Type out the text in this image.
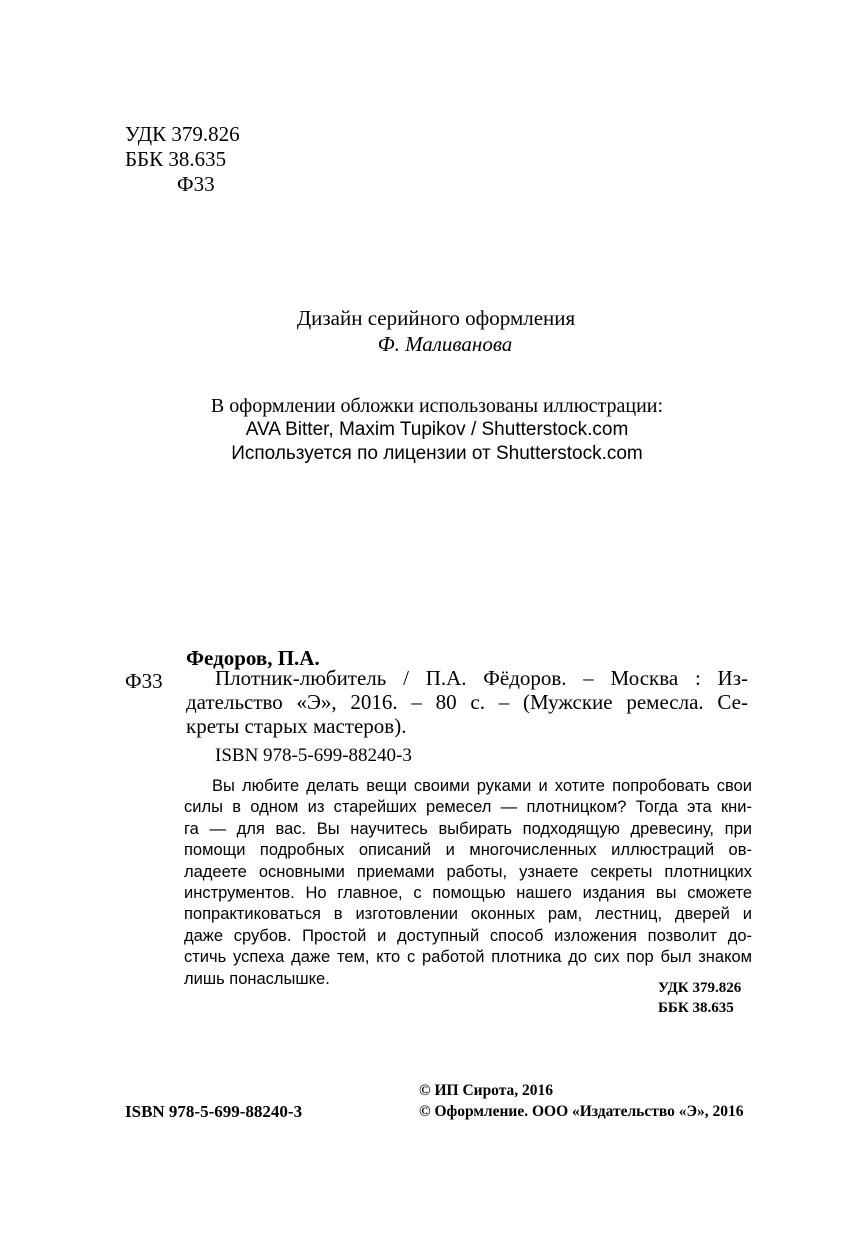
УДК 379.826
ББК 38.635
Ф33
Дизайн серийного оформления
Ф. Маливанова
В оформлении обложки использованы иллюстрации:
AVA Bitter, Maxim Tupikov / Shutterstock.com
Используется по лицензии от Shutterstock.com
Федоров, П.А.
Ф33	Плотник-любитель / П.А. Фёдоров. – Москва : Из-
дательство «Э», 2016. – 80 с. – (Мужские ремесла. Се-
креты старых мастеров).
ISBN 978-5-699-88240-3
Вы любите делать вещи своими руками и хотите попробовать свои
силы в одном из старейших ремесел — плотницком? Тогда эта кни-
га — для вас. Вы научитесь выбирать подходящую древесину, при
помощи подробных описаний и многочисленных иллюстраций ов-
ладеете основными приемами работы, узнаете секреты плотницких
инструментов. Но главное, с помощью нашего издания вы сможете
попрактиковаться в изготовлении оконных рам, лестниц, дверей и
даже срубов. Простой и доступный способ изложения позволит до-
стичь успеха даже тем, кто с работой плотника до сих пор был знаком
лишь понаслышке.
УДК 379.826
ББК 38.635
ISBN 978-5-699-88240-3
© ИП Сирота, 2016
© Оформление. ООО «Издательство «Э», 2016
